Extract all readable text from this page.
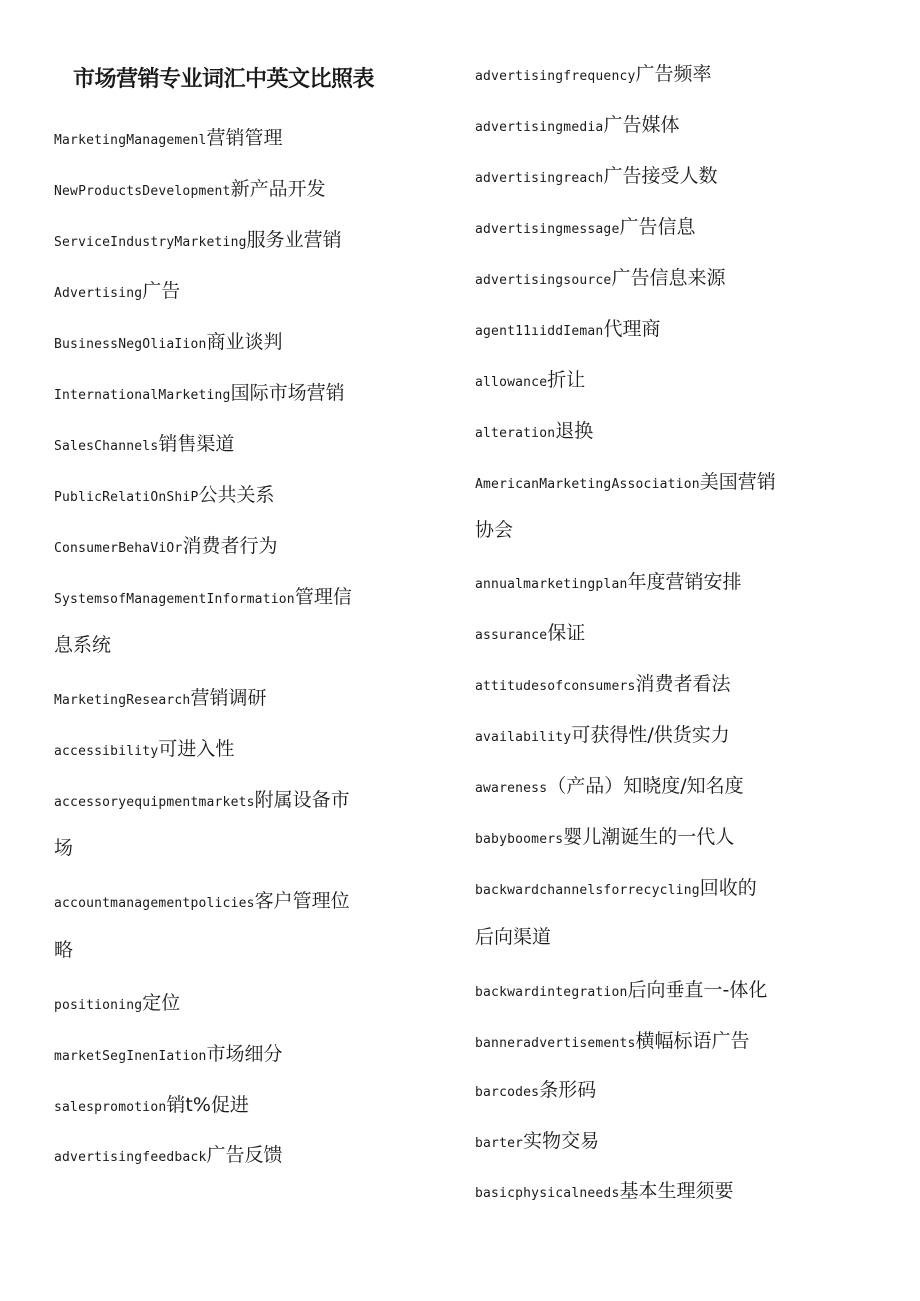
市场营销专业词汇中英文比照表
MarketingManagemenl营销管理
NewProductsDevelopment新产品开发
ServiceIndustryMarketing服务业营销
Advertising广告
BusinessNegOliaIion商业谈判
InternationalMarketing国际市场营销
SalesChannels销售渠道
PublicRelatiOnShiP公共关系
ConsumerBehaViOr消费者行为
SystemsofManagementInformation管理信
息系统
MarketingResearch营销调研
accessibility可进入性
accessoryequipmentmarkets附属设备市
场
accountmanagementpolicies客户管理位
略
positioning定位
marketSegInenIation市场细分
salespromotion销t%促进
advertisingfeedback广告反馈
advertisingfrequency广告频率
advertisingmedia广告媒体
advertisingreach广告接受人数
advertisingmessage广告信息
advertisingsource广告信息来源
agent11ıiddIeman代理商
allowance折让
alteration退换
AmericanMarketingAssociation美国营销
协会
annualmarketingplan年度营销安排
assurance保证
attitudesofconsumers消费者看法
availability可获得性/供货实力
awareness（产品）知晓度/知名度
babyboomers婴儿潮诞生的一代人
backwardchannelsforrecycling回收的
后向渠道
backwardintegration后向垂直一-体化
banneradvertisements横幅标语广告
barcodes条形码
barter实物交易
basicphysicalneeds基本生理须要
